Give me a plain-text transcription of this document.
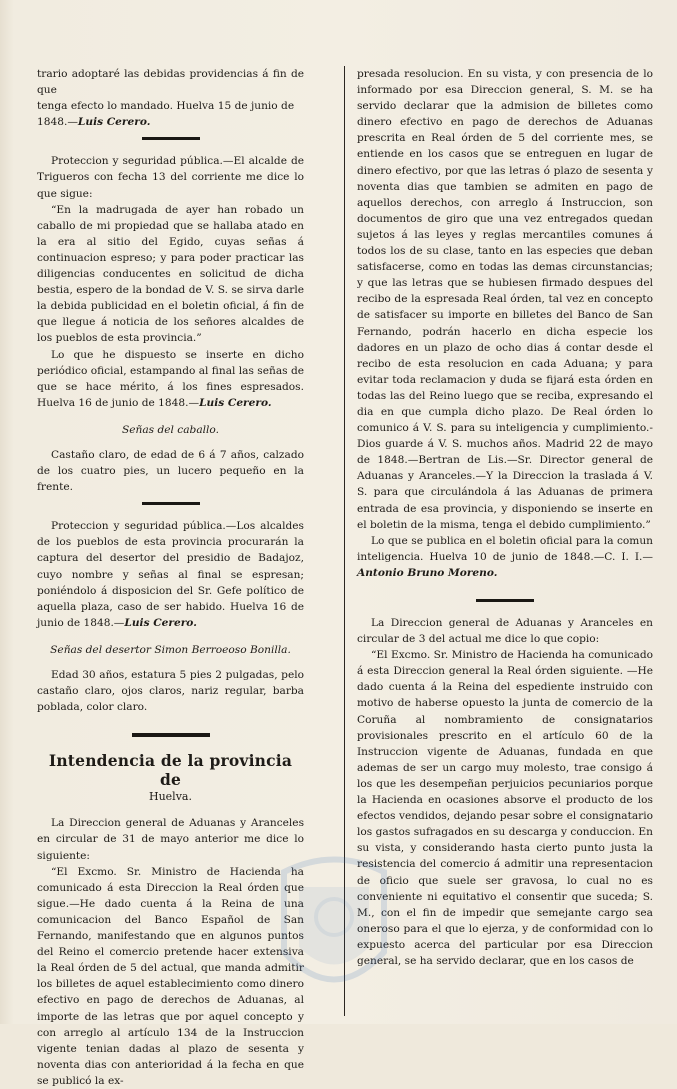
trario adoptaré las debidas providencias á fin de que

tenga efecto lo mandado. Huelva 15 de junio de

1848.—Luis Cerero.

Proteccion y seguridad pública.—El alcalde de Trigueros con fecha 13 del corriente me dice lo que sigue:

“En la madrugada de ayer han robado un caballo de mi propiedad que se hallaba atado en la era al sitio del Egido, cuyas señas á continuacion espreso; y para poder practicar las diligencias conducentes en solicitud de dicha bestia, espero de la bondad de V. S. se sirva darle la debida publicidad en el boletin oficial, á fin de que llegue á noticia de los señores alcaldes de los pueblos de esta provincia.”

Lo que he dispuesto se inserte en dicho periódico oficial, estampando al final las señas de que se hace mérito, á los fines espresados. Huelva 16 de junio de 1848.—Luis Cerero.

Señas del caballo.

Castaño claro, de edad de 6 á 7 años, calzado de los cuatro pies, un lucero pequeño en la frente.

Proteccion y seguridad pública.—Los alcaldes de los pueblos de esta provincia procurarán la captura del desertor del presidio de Badajoz, cuyo nombre y señas al final se espresan; poniéndolo á disposicion del Sr. Gefe político de aquella plaza, caso de ser habido. Huelva 16 de junio de 1848.—Luis Cerero.

Señas del desertor Simon Berroeoso Bonilla.

Edad 30 años, estatura 5 pies 2 pulgadas, pelo castaño claro, ojos claros, nariz regular, barba poblada, color claro.

Intendencia de la provincia de

Huelva.

La Direccion general de Aduanas y Aranceles en circular de 31 de mayo anterior me dice lo siguiente:

“El Excmo. Sr. Ministro de Hacienda ha comunicado á esta Direccion la Real órden que sigue.—He dado cuenta á la Reina de una comunicacion del Banco Español de San Fernando, manifestando que en algunos puntos del Reino el comercio pretende hacer extensiva la Real órden de 5 del actual, que manda admitir los billetes de aquel establecimiento como dinero efectivo en pago de derechos de Aduanas, al importe de las letras que por aquel concepto y con arreglo al artículo 134 de la Instruccion vigente tenian dadas al plazo de sesenta y noventa dias con anterioridad á la fecha en que se publicó la ex-

presada resolucion. En su vista, y con presencia de lo informado por esa Direccion general, S. M. se ha servido declarar que la admision de billetes como dinero efectivo en pago de derechos de Aduanas prescrita en Real órden de 5 del corriente mes, se entiende en los casos que se entreguen en lugar de dinero efectivo, por que las letras ó plazo de sesenta y noventa dias que tambien se admiten en pago de aquellos derechos, con arreglo á Instruccion, son documentos de giro que una vez entregados quedan sujetos á las leyes y reglas mercantiles comunes á todos los de su clase, tanto en las especies que deban satisfacerse, como en todas las demas circunstancias; y que las letras que se hubiesen firmado despues del recibo de la espresada Real órden, tal vez en concepto de satisfacer su importe en billetes del Banco de San Fernando, podrán hacerlo en dicha especie los dadores en un plazo de ocho dias á contar desde el recibo de esta resolucion en cada Aduana; y para evitar toda reclamacion y duda se fijará esta órden en todas las del Reino luego que se reciba, expresando el dia en que cumpla dicho plazo. De Real órden lo comunico á V. S. para su inteligencia y cumplimiento.-Dios guarde á V. S. muchos años. Madrid 22 de mayo de 1848.—Bertran de Lis.—Sr. Director general de Aduanas y Aranceles.—Y la Direccion la traslada á V. S. para que circulándola á las Aduanas de primera entrada de esa provincia, y disponiendo se inserte en el boletin de la misma, tenga el debido cumplimiento.”

Lo que se publica en el boletin oficial para la comun inteligencia. Huelva 10 de junio de 1848.—C. I. I.—Antonio Bruno Moreno.

La Direccion general de Aduanas y Aranceles en circular de 3 del actual me dice lo que copio:

“El Excmo. Sr. Ministro de Hacienda ha comunicado á esta Direccion general la Real órden siguiente. —He dado cuenta á la Reina del espediente instruido con motivo de haberse opuesto la junta de comercio de la Coruña al nombramiento de consignatarios provisionales prescrito en el artículo 60 de la Instruccion vigente de Aduanas, fundada en que ademas de ser un cargo muy molesto, trae consigo á los que les desempeñan perjuicios pecuniarios porque la Hacienda en ocasiones absorve el producto de los efectos vendidos, dejando pesar sobre el consignatario los gastos sufragados en su descarga y conduccion. En su vista, y considerando hasta cierto punto justa la resistencia del comercio á admitir una representacion de oficio que suele ser gravosa, lo cual no es conveniente ni equitativo el consentir que suceda; S. M., con el fin de impedir que semejante cargo sea oneroso para el que lo ejerza, y de conformidad con lo expuesto acerca del particular por esa Direccion general, se ha servido declarar, que en los casos de
